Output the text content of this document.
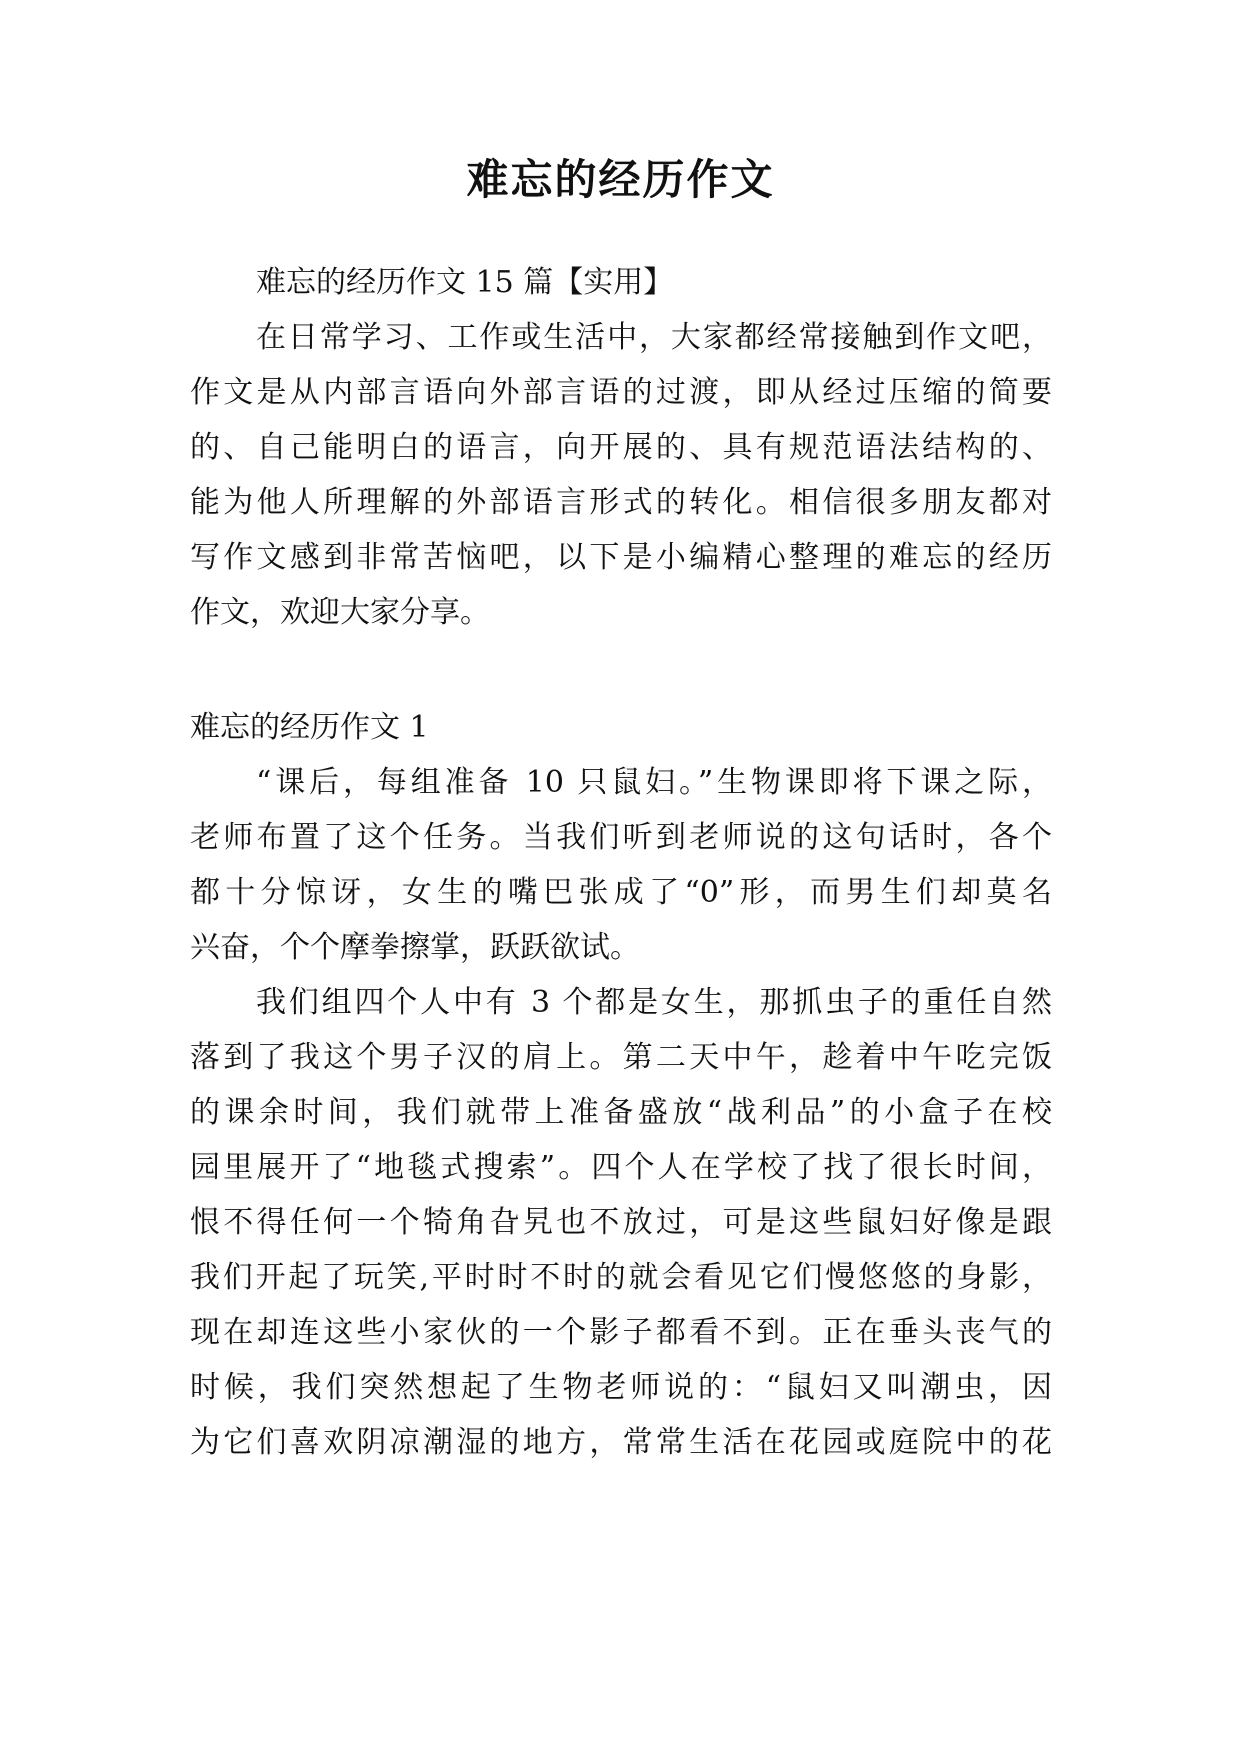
难忘的经历作文

难忘的经历作文 15 篇【实用】

在日常学习、工作或生活中，大家都经常接触到作文吧，

作文是从内部言语向外部言语的过渡，即从经过压缩的简要

的、自己能明白的语言，向开展的、具有规范语法结构的、

能为他人所理解的外部语言形式的转化。相信很多朋友都对

写作文感到非常苦恼吧，以下是小编精心整理的难忘的经历

作文，欢迎大家分享。

难忘的经历作文 1

“课后，每组准备 10 只鼠妇。”生物课即将下课之际，

老师布置了这个任务。当我们听到老师说的这句话时，各个

都十分惊讶，女生的嘴巴张成了“0”形，而男生们却莫名

兴奋，个个摩拳擦掌，跃跃欲试。

我们组四个人中有 3 个都是女生，那抓虫子的重任自然

落到了我这个男子汉的肩上。第二天中午，趁着中午吃完饭

的课余时间，我们就带上准备盛放“战利品”的小盒子在校

园里展开了“地毯式搜索”。四个人在学校了找了很长时间，

恨不得任何一个犄角旮旯也不放过，可是这些鼠妇好像是跟

我们开起了玩笑,平时时不时的就会看见它们慢悠悠的身影，

现在却连这些小家伙的一个影子都看不到。正在垂头丧气的

时候，我们突然想起了生物老师说的：“鼠妇又叫潮虫，因

为它们喜欢阴凉潮湿的地方，常常生活在花园或庭院中的花
